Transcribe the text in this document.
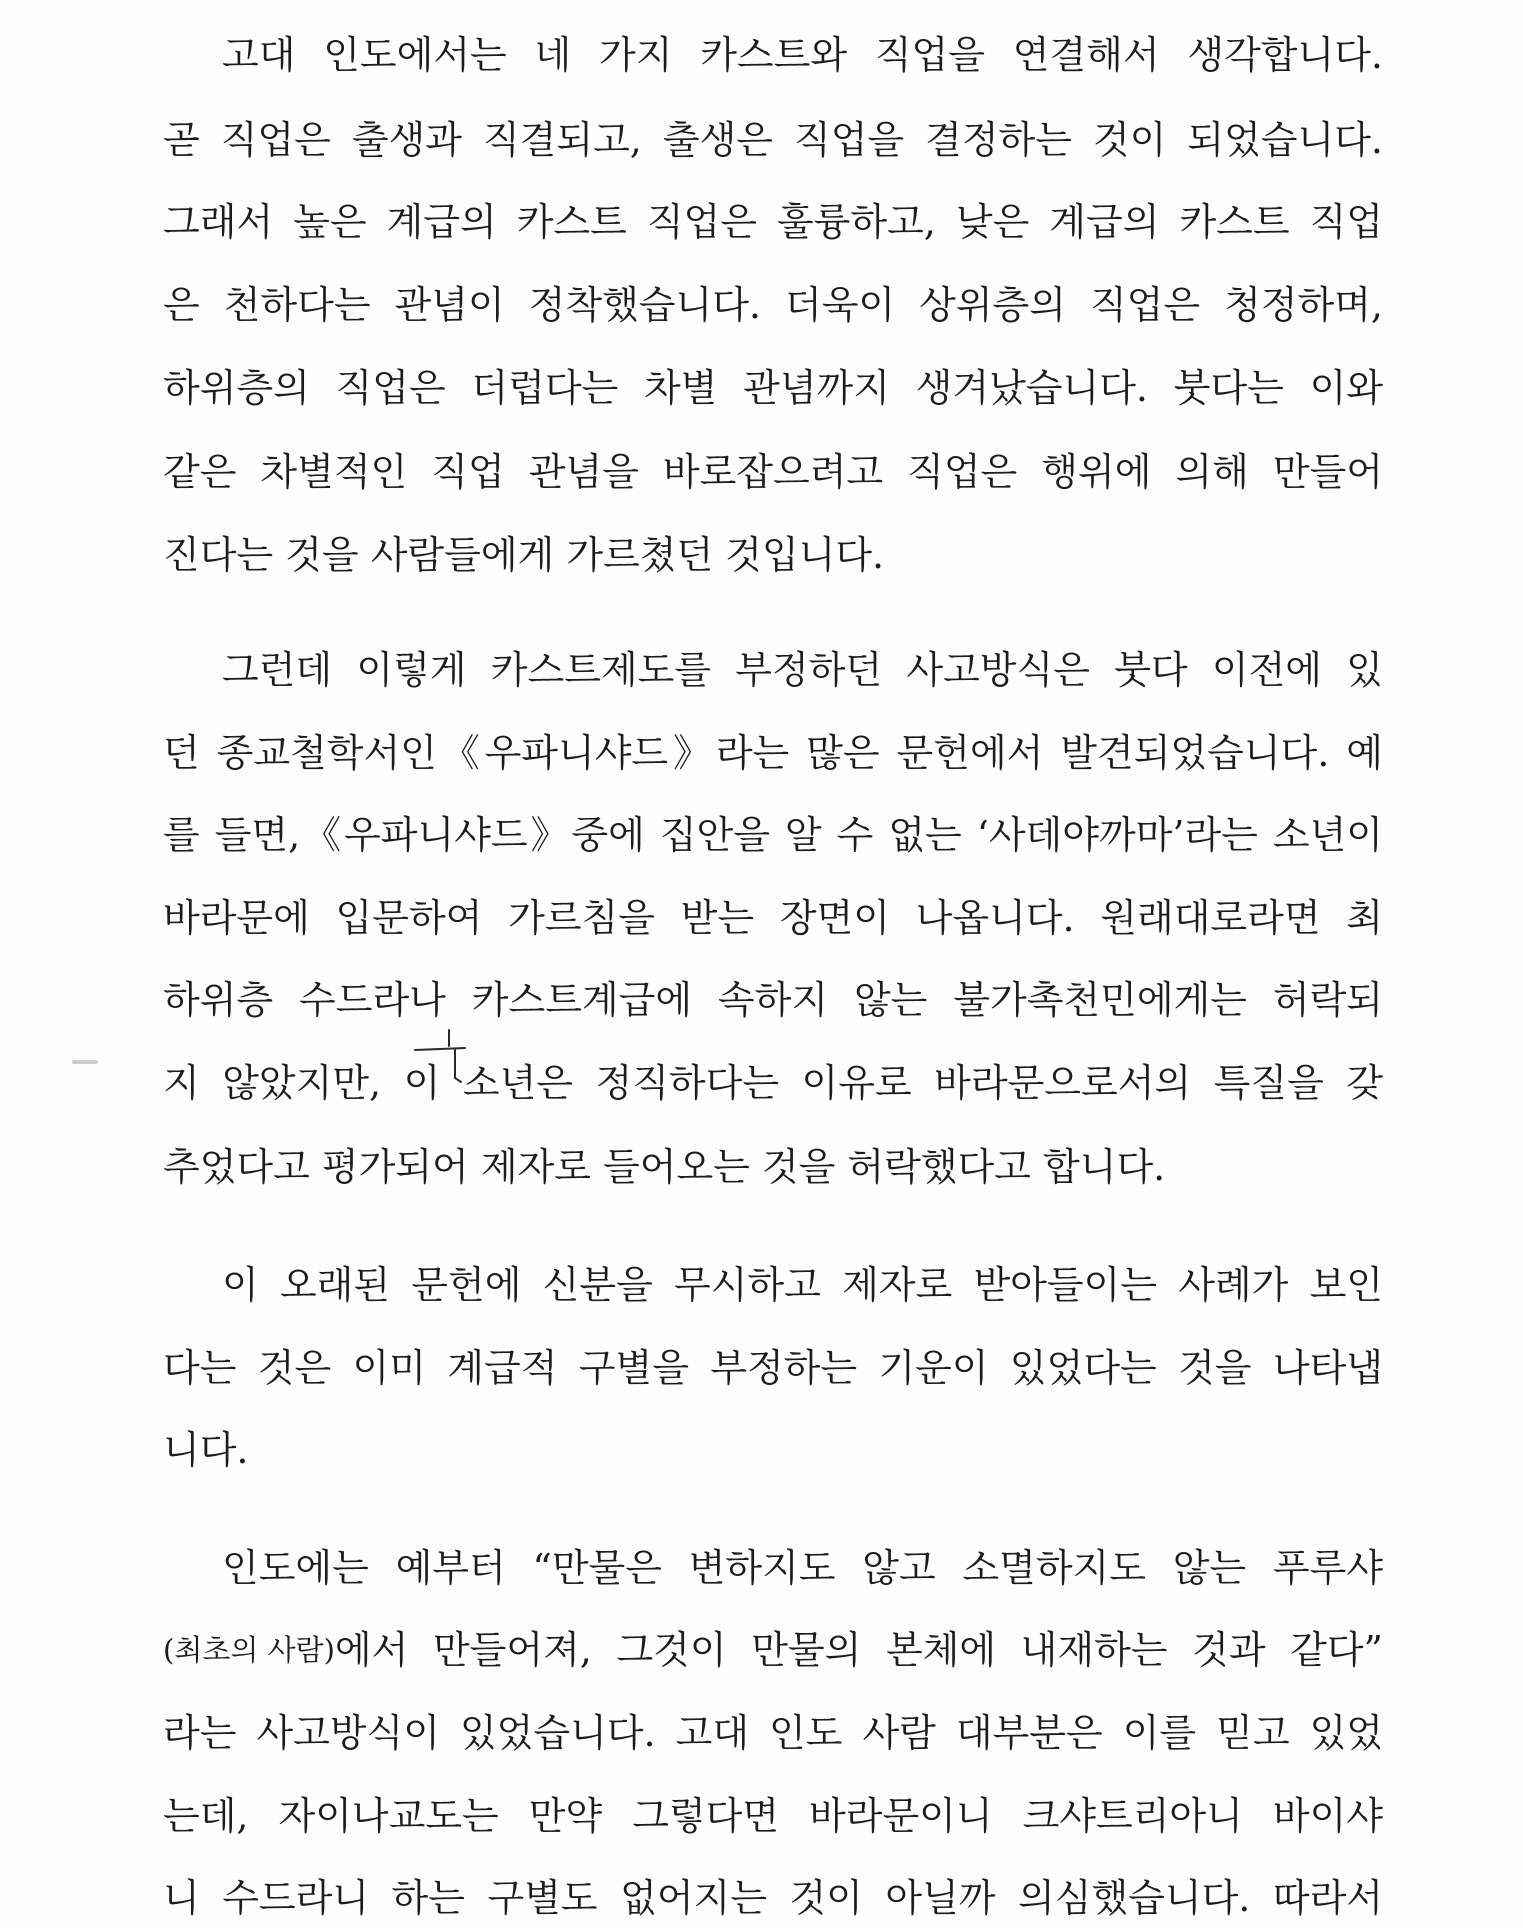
고대 인도에서는 네 가지 카스트와 직업을 연결해서 생각합니다.
곧 직업은 출생과 직결되고, 출생은 직업을 결정하는 것이 되었습니다.
그래서 높은 계급의 카스트 직업은 훌륭하고, 낮은 계급의 카스트 직업
은 천하다는 관념이 정착했습니다. 더욱이 상위층의 직업은 청정하며,
하위층의 직업은 더럽다는 차별 관념까지 생겨났습니다. 붓다는 이와
같은 차별적인 직업 관념을 바로잡으려고 직업은 행위에 의해 만들어
진다는 것을 사람들에게 가르쳤던 것입니다.
그런데 이렇게 카스트제도를 부정하던 사고방식은 붓다 이전에 있
던 종교철학서인《우파니샤드》라는 많은 문헌에서 발견되었습니다. 예
를 들면,《우파니샤드》중에 집안을 알 수 없는 ‘사데야까마’라는 소년이
바라문에 입문하여 가르침을 받는 장면이 나옵니다. 원래대로라면 최
하위층 수드라나 카스트계급에 속하지 않는 불가촉천민에게는 허락되
지 않았지만, 이 소년은 정직하다는 이유로 바라문으로서의 특질을 갖
추었다고 평가되어 제자로 들어오는 것을 허락했다고 합니다.
이 오래된 문헌에 신분을 무시하고 제자로 받아들이는 사례가 보인
다는 것은 이미 계급적 구별을 부정하는 기운이 있었다는 것을 나타냅
니다.
인도에는 예부터 “만물은 변하지도 않고 소멸하지도 않는 푸루샤
(최초의 사람) 에서 만들어져, 그것이 만물의 본체에 내재하는 것과 같다”
라는 사고방식이 있었습니다. 고대 인도 사람 대부분은 이를 믿고 있었
는데, 자이나교도는 만약 그렇다면 바라문이니 크샤트리아니 바이샤
니 수드라니 하는 구별도 없어지는 것이 아닐까 의심했습니다. 따라서
